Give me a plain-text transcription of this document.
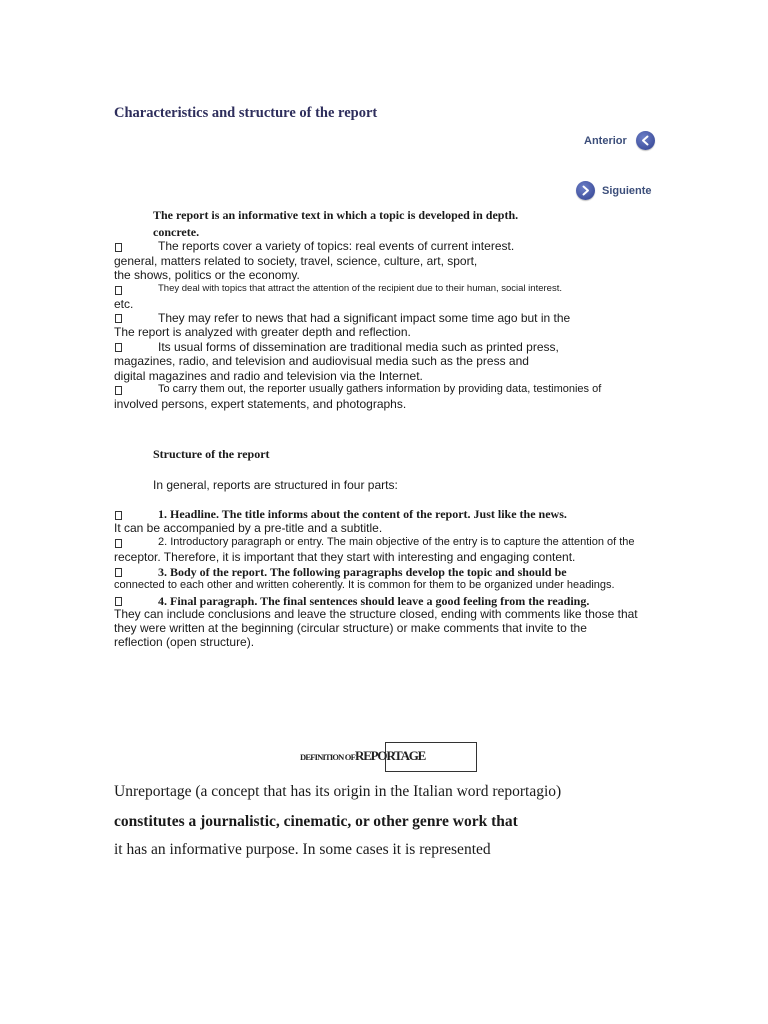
Characteristics and structure of the report
Anterior
Siguiente
The report is an informative text in which a topic is developed in depth.
concrete.
The reports cover a variety of topics: real events of current interest.
general, matters related to society, travel, science, culture, art, sport,
the shows, politics or the economy.
They deal with topics that attract the attention of the recipient due to their human, social interest.
etc.
They may refer to news that had a significant impact some time ago but in the
The report is analyzed with greater depth and reflection.
Its usual forms of dissemination are traditional media such as printed press,
magazines, radio, and television and audiovisual media such as the press and
digital magazines and radio and television via the Internet.
To carry them out, the reporter usually gathers information by providing data, testimonies of
involved persons, expert statements, and photographs.
Structure of the report
In general, reports are structured in four parts:
1. Headline. The title informs about the content of the report. Just like the news.
It can be accompanied by a pre-title and a subtitle.
2. Introductory paragraph or entry. The main objective of the entry is to capture the attention of the
receptor. Therefore, it is important that they start with interesting and engaging content.
3. Body of the report. The following paragraphs develop the topic and should be
connected to each other and written coherently. It is common for them to be organized under headings.
4. Final paragraph. The final sentences should leave a good feeling from the reading.
They can include conclusions and leave the structure closed, ending with comments like those that
they were written at the beginning (circular structure) or make comments that invite to the
reflection (open structure).
DEFINITION OFREPORTAGE
Unreportage (a concept that has its origin in the Italian word reportagio)
constitutes a journalistic, cinematic, or other genre work that
it has an informative purpose. In some cases it is represented
